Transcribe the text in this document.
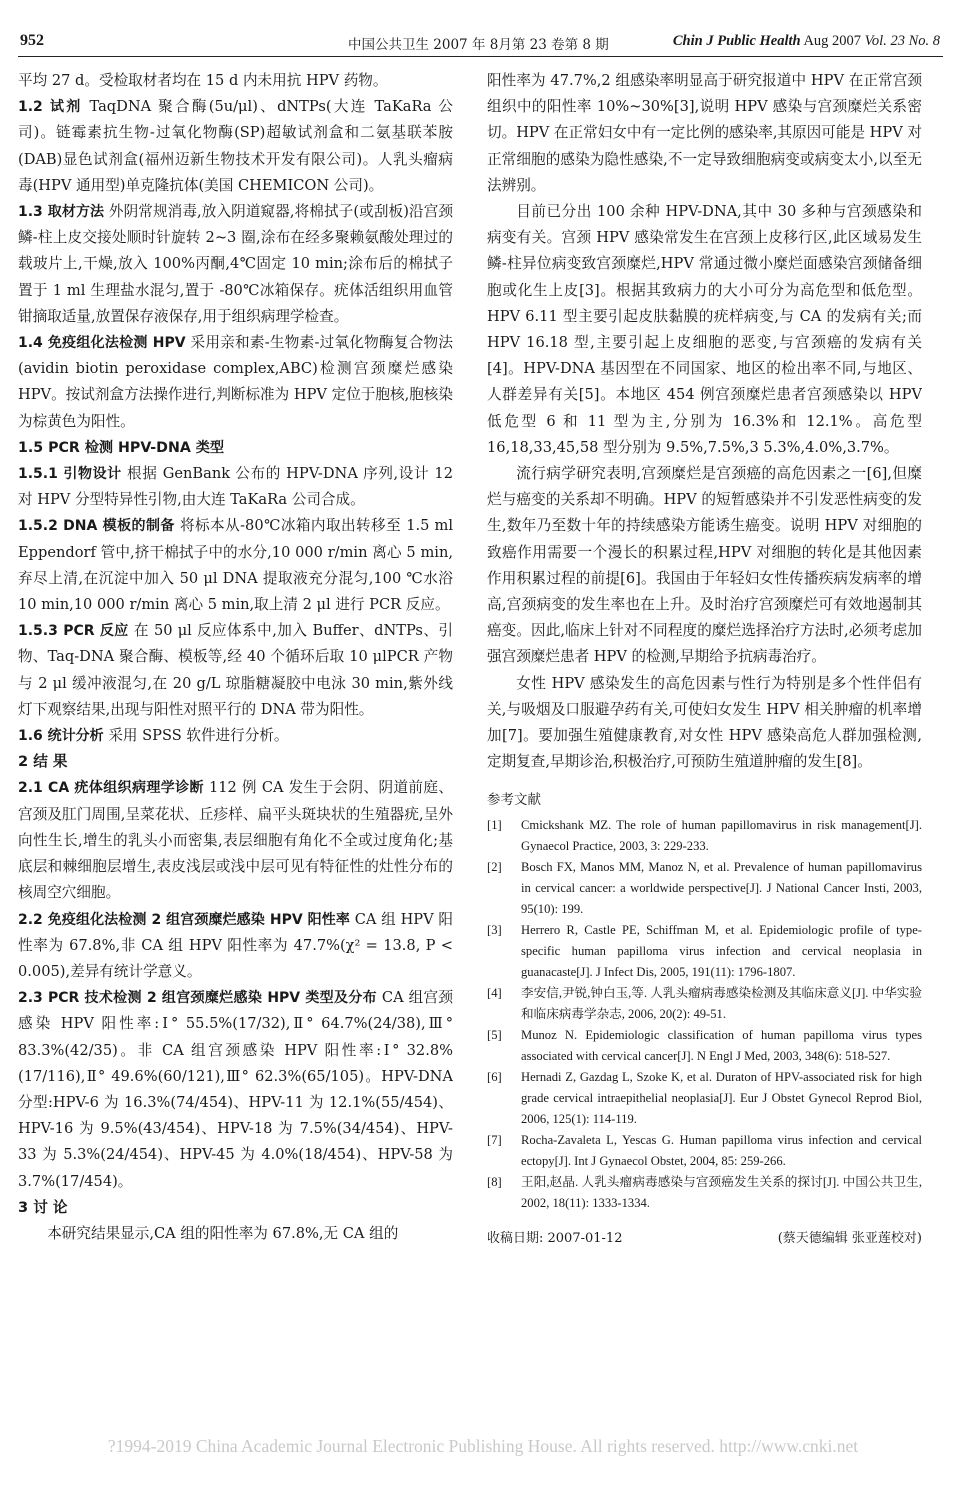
952	中国公共卫生 2007 年 8月第 23 卷第 8 期	Chin J Public Health Aug 2007 Vol. 23 No. 8

平均 27 d。受检取材者均在 15 d 内未用抗 HPV 药物。

1.2 试剂 TaqDNA 聚合酶(5u/μl)、dNTPs(大连 TaKaRa 公司)。链霉素抗生物-过氧化物酶(SP)超敏试剂盒和二氨基联苯胺(DAB)显色试剂盒(福州迈新生物技术开发有限公司)。人乳头瘤病毒(HPV 通用型)单克隆抗体(美国 CHEMICON 公司)。

1.3 取材方法 外阴常规消毒,放入阴道窥器,将棉拭子(或刮板)沿宫颈鳞-柱上皮交接处顺时针旋转 2~3 圈,涂布在经多聚赖氨酸处理过的载玻片上,干燥,放入 100%丙酮,4℃固定 10 min;涂布后的棉拭子置于 1 ml 生理盐水混匀,置于 -80℃冰箱保存。疣体活组织用血管钳摘取适量,放置保存液保存,用于组织病理学检查。

1.4 免疫组化法检测 HPV 采用亲和素-生物素-过氧化物酶复合物法(avidin biotin peroxidase complex,ABC)检测宫颈糜烂感染HPV。按试剂盒方法操作进行,判断标准为 HPV 定位于胞核,胞核染为棕黄色为阳性。

1.5 PCR 检测 HPV-DNA 类型

1.5.1 引物设计 根据 GenBank 公布的 HPV-DNA 序列,设计 12 对 HPV 分型特异性引物,由大连 TaKaRa 公司合成。

1.5.2 DNA 模板的制备 将标本从-80℃冰箱内取出转移至 1.5 ml Eppendorf 管中,挤干棉拭子中的水分,10 000 r/min 离心 5 min,弃尽上清,在沉淀中加入 50 μl DNA 提取液充分混匀,100 ℃水浴 10 min,10 000 r/min 离心 5 min,取上清 2 μl 进行 PCR 反应。

1.5.3 PCR 反应 在 50 μl 反应体系中,加入 Buffer、dNTPs、引物、Taq-DNA 聚合酶、模板等,经 40 个循环后取 10 μlPCR 产物与 2 μl 缓冲液混匀,在 20 g/L 琼脂糖凝胶中电泳 30 min,紫外线灯下观察结果,出现与阳性对照平行的 DNA 带为阳性。

1.6 统计分析 采用 SPSS 软件进行分析。

2 结 果

2.1 CA 疣体组织病理学诊断 112 例 CA 发生于会阴、阴道前庭、宫颈及肛门周围,呈菜花状、丘疹样、扁平头斑块状的生殖器疣,呈外向性生长,增生的乳头小而密集,表层细胞有角化不全或过度角化;基底层和棘细胞层增生,表皮浅层或浅中层可见有特征性的灶性分布的核周空穴细胞。

2.2 免疫组化法检测 2 组宫颈糜烂感染 HPV 阳性率 CA 组 HPV 阳性率为 67.8%,非 CA 组 HPV 阳性率为 47.7%(χ² = 13.8, P < 0.005),差异有统计学意义。

2.3 PCR 技术检测 2 组宫颈糜烂感染 HPV 类型及分布 CA 组宫颈感染 HPV 阳性率:Ⅰ° 55.5%(17/32),Ⅱ° 64.7%(24/38),Ⅲ° 83.3%(42/35)。非 CA 组宫颈感染 HPV 阳性率:Ⅰ° 32.8%(17/116),Ⅱ° 49.6%(60/121),Ⅲ° 62.3%(65/105)。HPV-DNA 分型:HPV-6 为 16.3%(74/454)、HPV-11 为 12.1%(55/454)、HPV-16 为 9.5%(43/454)、HPV-18 为 7.5%(34/454)、HPV-33 为 5.3%(24/454)、HPV-45 为 4.0%(18/454)、HPV-58 为 3.7%(17/454)。

3 讨 论

本研究结果显示,CA 组的阳性率为 67.8%,无 CA 组的

阳性率为 47.7%,2 组感染率明显高于研究报道中 HPV 在正常宫颈组织中的阳性率 10%~30%[3],说明 HPV 感染与宫颈糜烂关系密切。HPV 在正常妇女中有一定比例的感染率,其原因可能是 HPV 对正常细胞的感染为隐性感染,不一定导致细胞病变或病变太小,以至无法辨别。

目前已分出 100 余种 HPV-DNA,其中 30 多种与宫颈感染和病变有关。宫颈 HPV 感染常发生在宫颈上皮移行区,此区域易发生鳞-柱异位病变致宫颈糜烂,HPV 常通过微小糜烂面感染宫颈储备细胞或化生上皮[3]。根据其致病力的大小可分为高危型和低危型。HPV 6.11 型主要引起皮肤黏膜的疣样病变,与 CA 的发病有关;而 HPV 16.18 型,主要引起上皮细胞的恶变,与宫颈癌的发病有关[4]。HPV-DNA 基因型在不同国家、地区的检出率不同,与地区、人群差异有关[5]。本地区 454 例宫颈糜烂患者宫颈感染以 HPV 低危型 6 和 11 型为主,分别为 16.3%和 12.1%。高危型 16,18,33,45,58 型分别为 9.5%,7.5%,3 5.3%,4.0%,3.7%。

流行病学研究表明,宫颈糜烂是宫颈癌的高危因素之一[6],但糜烂与癌变的关系却不明确。HPV 的短暂感染并不引发恶性病变的发生,数年乃至数十年的持续感染方能诱生癌变。说明 HPV 对细胞的致癌作用需要一个漫长的积累过程,HPV 对细胞的转化是其他因素作用积累过程的前提[6]。我国由于年轻妇女性传播疾病发病率的增高,宫颈病变的发生率也在上升。及时治疗宫颈糜烂可有效地遏制其癌变。因此,临床上针对不同程度的糜烂选择治疗方法时,必须考虑加强宫颈糜烂患者 HPV 的检测,早期给予抗病毒治疗。

女性 HPV 感染发生的高危因素与性行为特别是多个性伴侣有关,与吸烟及口服避孕药有关,可使妇女发生 HPV 相关肿瘤的机率增加[7]。要加强生殖健康教育,对女性 HPV 感染高危人群加强检测,定期复查,早期诊治,积极治疗,可预防生殖道肿瘤的发生[8]。

参考文献

[1]	Cmickshank MZ. The role of human papillomavirus in risk management[J]. Gynaecol Practice, 2003, 3: 229-233.
[2]	Bosch FX, Manos MM, Manoz N, et al. Prevalence of human papillomavirus in cervical cancer: a worldwide perspective[J]. J National Cancer Insti, 2003, 95(10): 199.
[3]	Herrero R, Castle PE, Schiffman M, et al. Epidemiologic profile of type-specific human papilloma virus infection and cervical neoplasia in guanacaste[J]. J Infect Dis, 2005, 191(11): 1796-1807.
[4]	李安信,尹锐,钟白玉,等. 人乳头瘤病毒感染检测及其临床意义[J]. 中华实验和临床病毒学杂志, 2006, 20(2): 49-51.
[5]	Munoz N. Epidemiologic classification of human papilloma virus types associated with cervical cancer[J]. N Engl J Med, 2003, 348(6): 518-527.
[6]	Hernadi Z, Gazdag L, Szoke K, et al. Duraton of HPV-associated risk for high grade cervical intraepithelial neoplasia[J]. Eur J Obstet Gynecol Reprod Biol, 2006, 125(1): 114-119.
[7]	Rocha-Zavaleta L, Yescas G. Human papilloma virus infection and cervical ectopy[J]. Int J Gynaecol Obstet, 2004, 85: 259-266.
[8]	王阳,赵晶. 人乳头瘤病毒感染与宫颈癌发生关系的探讨[J]. 中国公共卫生, 2002, 18(11): 1333-1334.
收稿日期: 2007-01-12	(蔡天德编辑 张亚莲校对)
?1994-2019 China Academic Journal Electronic Publishing House. All rights reserved. http://www.cnki.net
